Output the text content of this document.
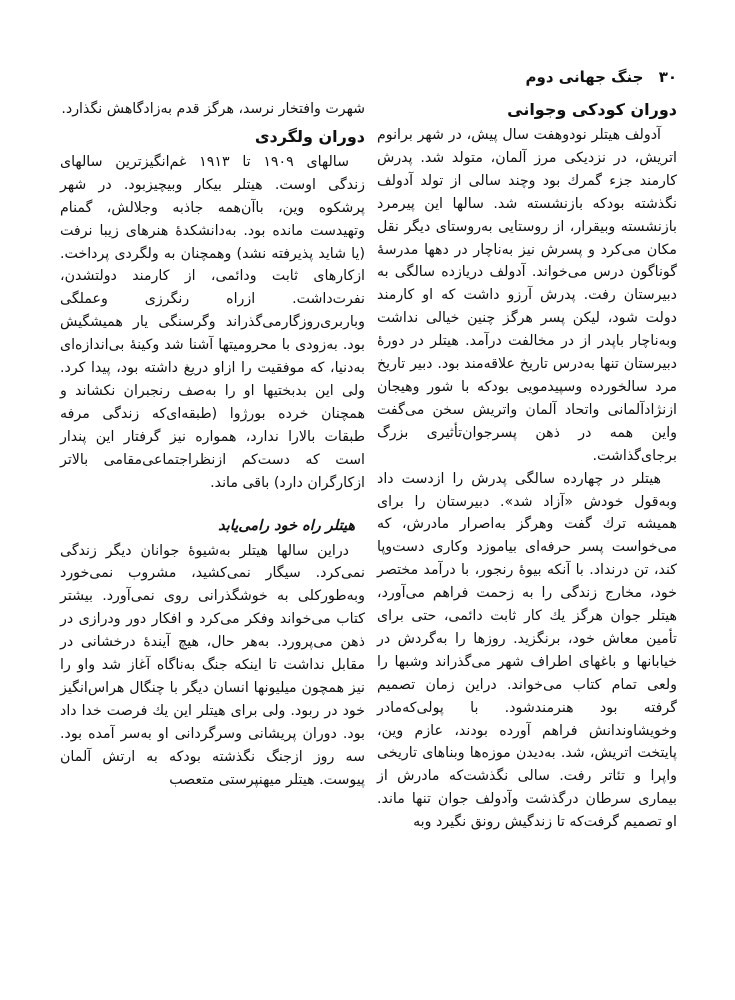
۳۰ جنگ جهانی دوم
دوران کودکی وجوانی

آدولف هیتلر نودوهفت سال پیش، در شهر برانوم اتریش، در نزدیکی مرز آلمان، متولد شد. پدرش کارمند جزء گمرك بود وچند سالی از تولد آدولف نگذشته بودکه بازنشسته شد. سالها این پیرمرد بازنشسته وبیقرار، از روستایی به‌روستای دیگر نقل مکان می‌کرد و پسرش نیز به‌ناچار در دهها مدرسهٔ گوناگون درس می‌خواند. آدولف دریازده سالگی به دبیرستان رفت. پدرش آرزو داشت که او کارمند دولت شود، لیکن پسر هرگز چنین خیالی نداشت وبه‌ناچار باپدر از در مخالفت درآمد. هیتلر در دورهٔ دبیرستان تنها به‌درس تاریخ علاقه‌مند بود. دبیر تاریخ مرد سالخورده وسپیدمویی بودکه با شور وهیجان ازنژادآلمانی واتحاد آلمان واتریش سخن می‌گفت واین همه در ذهن پسرجوان‌تأثیری بزرگ برجای‌گذاشت.

هیتلر در چهارده سالگی پدرش را ازدست داد وبه‌قول خودش «آزاد شد». دبیرستان را برای همیشه ترك گفت وهرگز به‌اصرار مادرش، که می‌خواست پسر حرفه‌ای بیاموزد وکاری دست‌وپا کند، تن درنداد. با آنکه بیوهٔ رنجور، با درآمد مختصر خود، مخارج زندگی را به زحمت فراهم می‌آورد، هیتلر جوان هرگز یك کار ثابت دائمی، حتی برای تأمین معاش خود، برنگزید. روزها را به‌گردش در خیابانها و باغهای اطراف شهر می‌گذراند وشبها را ولعی تمام کتاب می‌خواند. دراین زمان تصمیم گرفته بود هنرمندشود. با پولی‌که‌مادر وخویشاوندانش فراهم آورده بودند، عازم وین، پایتخت اتریش، شد. به‌دیدن موزه‌ها وبناهای تاریخی واپرا و تئاتر رفت. سالی نگذشت‌که مادرش از بیماری سرطان درگذشت وآدولف جوان تنها ماند. او تصمیم گرفت‌که تا زندگیش رونق نگیرد وبه

شهرت وافتخار نرسد، هرگز قدم به‌زادگاهش نگذارد.

دوران ولگردی

سالهای ۱۹۰۹ تا ۱۹۱۳ غم‌انگیزترین سالهای زندگی اوست. هیتلر بیکار وبیچیزبود. در شهر پرشکوه وین، باآن‌همه جاذبه وجلالش، گمنام وتهیدست مانده بود. بەدانشکدهٔ هنرهای زیبا نرفت (یا شاید پذیرفته نشد) وهمچنان به ولگردی پرداخت. ازکارهای ثابت ودائمی، از کارمند دولتشدن، نفرت‌داشت. ازراه رنگرزی وعملگی وباربری‌روزگارمی‌گذراند وگرسنگی یار همیشگیش بود. بەزودی با محرومیتها آشنا شد وکینهٔ بی‌اندازه‌ای به‌دنیا، که موفقیت را ازاو دریغ داشته بود، پیدا کرد. ولی این بدبختیها او را به‌صف رنجبران نکشاند و همچنان خرده بورژوا (طبقه‌ای‌که زندگی مرفه طبقات بالارا ندارد، همواره نیز گرفتار این پندار است که دست‌کم ازنظراجتماعی‌مقامی بالاتر ازکارگران دارد) باقی ماند.

هیتلر راه خود رامی‌یابد

دراین سالها هیتلر به‌شیوهٔ جوانان دیگر زندگی نمی‌کرد. سیگار نمی‌کشید، مشروب نمی‌خورد وبه‌طورکلی به خوشگذرانی روی نمی‌آورد. بیشتر کتاب می‌خواند وفکر می‌کرد و افکار دور ودرازی در ذهن می‌پرورد. به‌هر حال، هیچ آیندهٔ درخشانی در مقابل نداشت تا اینکه جنگ به‌ناگاه آغاز شد واو را نیز همچون میلیونها انسان دیگر با چنگال هراس‌انگیز خود در ربود. ولی برای هیتلر این یك فرصت خدا داد بود. دوران پریشانی وسرگردانی او به‌سر آمده بود. سه روز ازجنگ نگذشته بودکه به ارتش آلمان پیوست. هیتلر میهنپرستی متعصب
